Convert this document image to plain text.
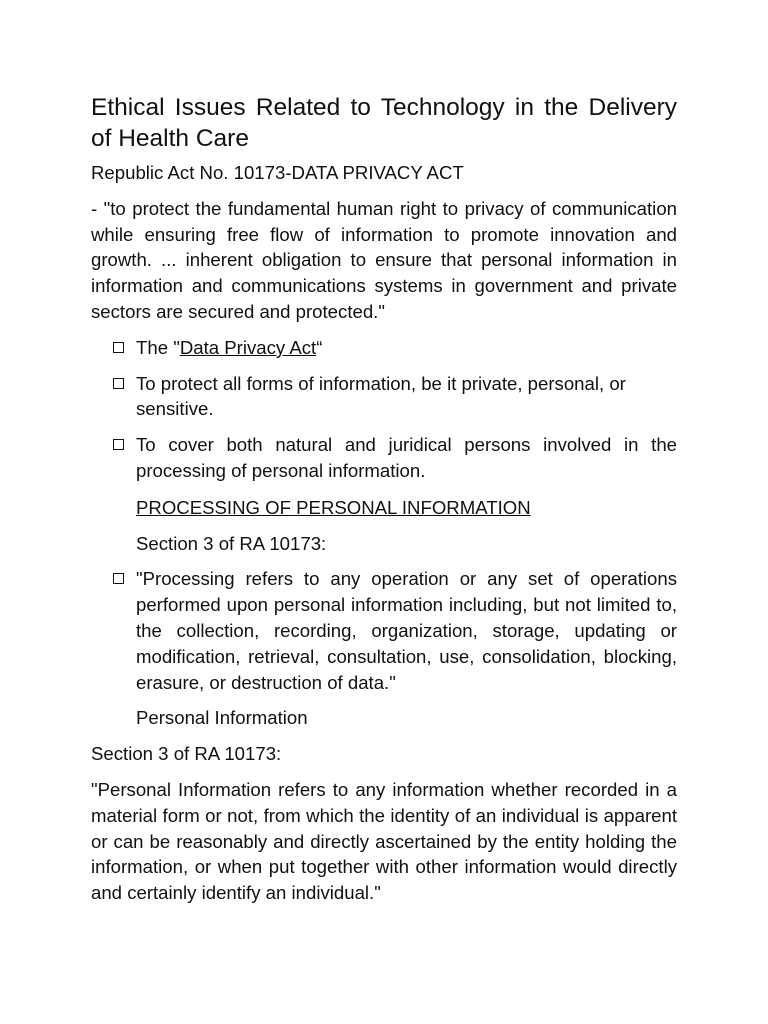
Ethical Issues Related to Technology in the Delivery of Health Care

Republic Act No. 10173-DATA PRIVACY ACT

- "to protect the fundamental human right to privacy of communication while ensuring free flow of information to promote innovation and growth. ... inherent obligation to ensure that personal information in information and communications systems in government and private sectors are secured and protected."

The "Data Privacy Act“
To protect all forms of information, be it private, personal, or sensitive.
To cover both natural and juridical persons involved in the processing of personal information.

PROCESSING OF PERSONAL INFORMATION

Section 3 of RA 10173:

"Processing refers to any operation or any set of operations performed upon personal information including, but not limited to, the collection, recording, organization, storage, updating or modification, retrieval, consultation, use, consolidation, blocking, erasure, or destruction of data."

Personal Information

Section 3 of RA 10173:

"Personal Information refers to any information whether recorded in a material form or not, from which the identity of an individual is apparent or can be reasonably and directly ascertained by the entity holding the information, or when put together with other information would directly and certainly identify an individual."
